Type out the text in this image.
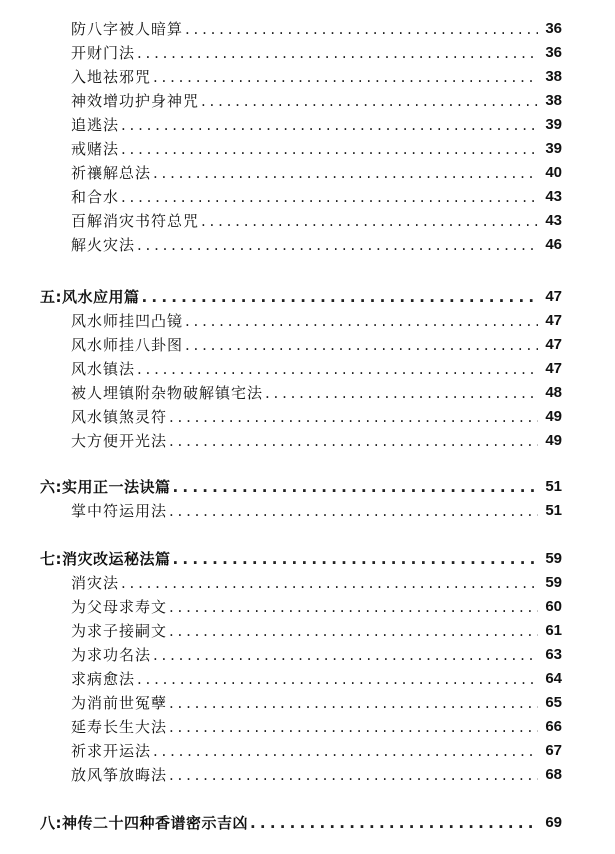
防八字被人暗算 . . .	36
开财门法 . . .	36
入地祛邪咒 . . .	38
神效增功护身神咒 . . .	38
追逃法 . . .	39
戒赌法 . . .	39
祈禳解总法 . . .	40
和合水 . . .	43
百解消灾书符总咒 . . .	43
解火灾法 . . .	46
五:风水应用篇 . . .	47
风水师挂凹凸镜 . . .	47
风水师挂八卦图 . . .	47
风水镇法 . . .	47
被人埋镇附杂物破解镇宅法 . . .	48
风水镇煞灵符 . . .	49
大方便开光法 . . .	49
六:实用正一法诀篇 . . .	51
掌中符运用法 . . .	51
七:消灾改运秘法篇 . . .	59
消灾法 . . .	59
为父母求寿文 . . .	60
为求子接嗣文 . . .	61
为求功名法 . . .	63
求病愈法 . . .	64
为消前世冤孽 . . .	65
延寿长生大法 . . .	66
祈求开运法 . . .	67
放风筝放晦法 . . .	68
八:神传二十四种香谱密示吉凶 . . .	69
